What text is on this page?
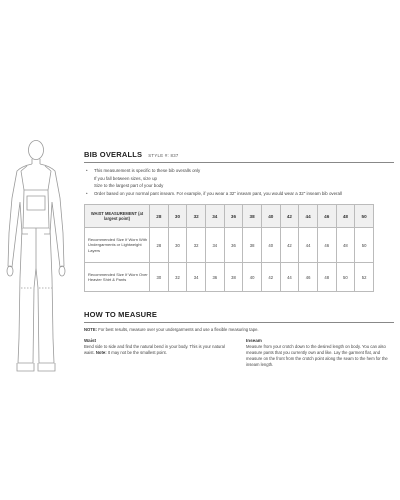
BIB OVERALLS STYLE #: 837
• This measurement is specific to these bib overalls only
If you fall between sizes, size up
Size to the largest part of your body
• Order based on your normal pant inseam. For example, if you wear a 32" inseam pant, you would wear a 32" inseam bib overall
WAIST MEASUREMENT (at largest point)	28	30	32	34	36	38	40	42	44	46	48	50
Recommended Size If Worn With Undergarments or Lightweight Layers	28	30	32	34	36	38	40	42	44	46	48	50
Recommended Size If Worn Over Heavier Shirt & Pants	30	32	34	36	38	40	42	44	46	48	50	52
HOW TO MEASURE
NOTE: For best results, measure over your undergarments and use a flexible measuring tape.
Waist
Bend side to side and find the natural bend in your body. This is your natural waist. Note: It may not be the smallest point.
Inseam
Measure from your crotch down to the desired length on body. You can also measure pants that you currently own and like. Lay the garment flat, and measure on the front from the crotch point along the seam to the hem for the inseam length.
